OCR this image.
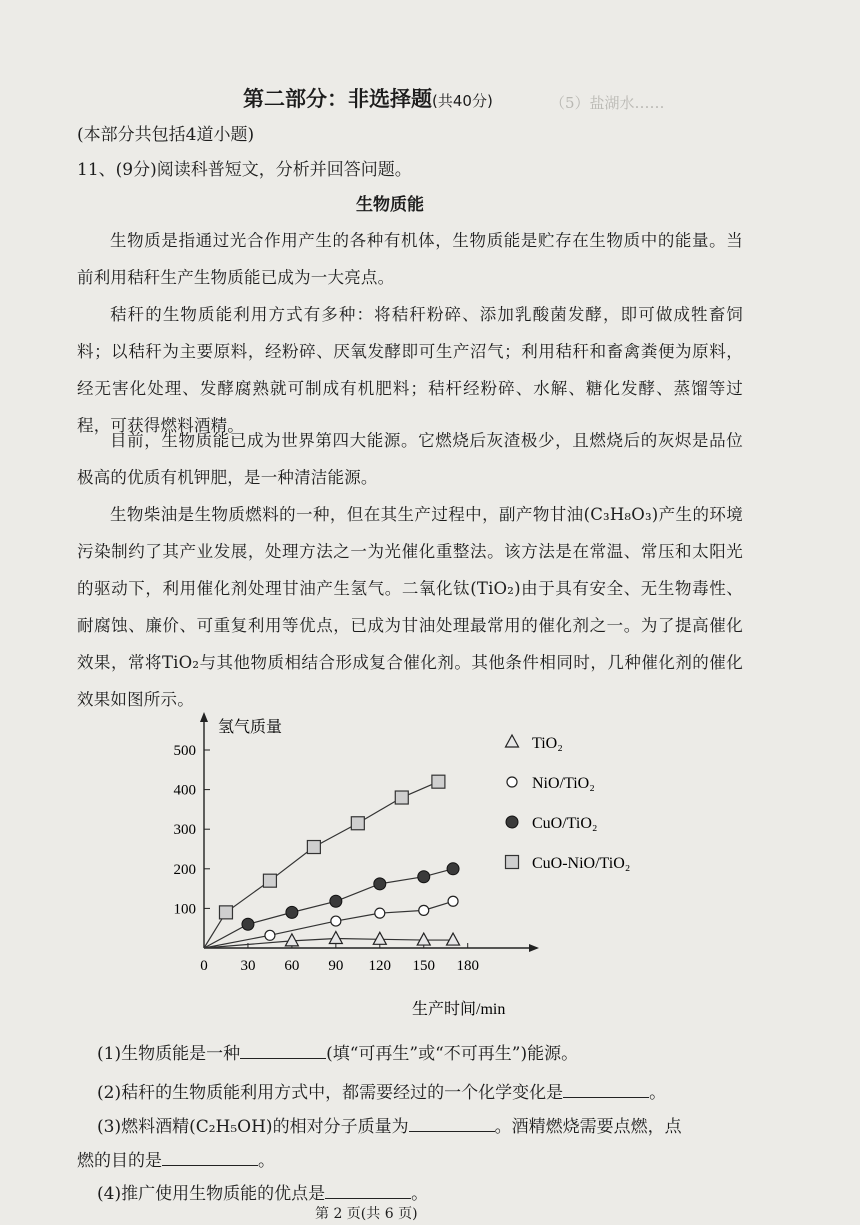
（5）盐湖水……
第二部分：非选择题(共40分)
(本部分共包括4道小题)
11、(9分)阅读科普短文，分析并回答问题。
生物质能
生物质是指通过光合作用产生的各种有机体，生物质能是贮存在生物质中的能量。当前利用秸秆生产生物质能已成为一大亮点。
秸秆的生物质能利用方式有多种：将秸秆粉碎、添加乳酸菌发酵，即可做成牲畜饲料；以秸秆为主要原料，经粉碎、厌氧发酵即可生产沼气；利用秸秆和畜禽粪便为原料，经无害化处理、发酵腐熟就可制成有机肥料；秸杆经粉碎、水解、糖化发酵、蒸馏等过程，可获得燃料酒精。
目前，生物质能已成为世界第四大能源。它燃烧后灰渣极少，且燃烧后的灰烬是品位极高的优质有机钾肥，是一种清洁能源。
生物柴油是生物质燃料的一种，但在其生产过程中，副产物甘油(C₃H₈O₃)产生的环境污染制约了其产业发展，处理方法之一为光催化重整法。该方法是在常温、常压和太阳光的驱动下，利用催化剂处理甘油产生氢气。二氧化钛(TiO₂)由于具有安全、无生物毒性、耐腐蚀、廉价、可重复利用等优点，已成为甘油处理最常用的催化剂之一。为了提高催化效果，常将TiO₂与其他物质相结合形成复合催化剂。其他条件相同时，几种催化剂的催化效果如图所示。
100
200
300
400
500
0 30 60 90 120 150 180
TiO₂
NiO/TiO₂
CuO/TiO₂
CuO-NiO/TiO₂
氢气质量
生产时间/min
(1)生物质能是一种	(填“可再生”或“不可再生”)能源。
(2)秸秆的生物质能利用方式中，都需要经过的一个化学变化是	。
(3)燃料酒精(C₂H₅OH)的相对分子质量为	。酒精燃烧需要点燃，点
燃的目的是	。
(4)推广使用生物质能的优点是	。
第 2 页(共 6 页)
